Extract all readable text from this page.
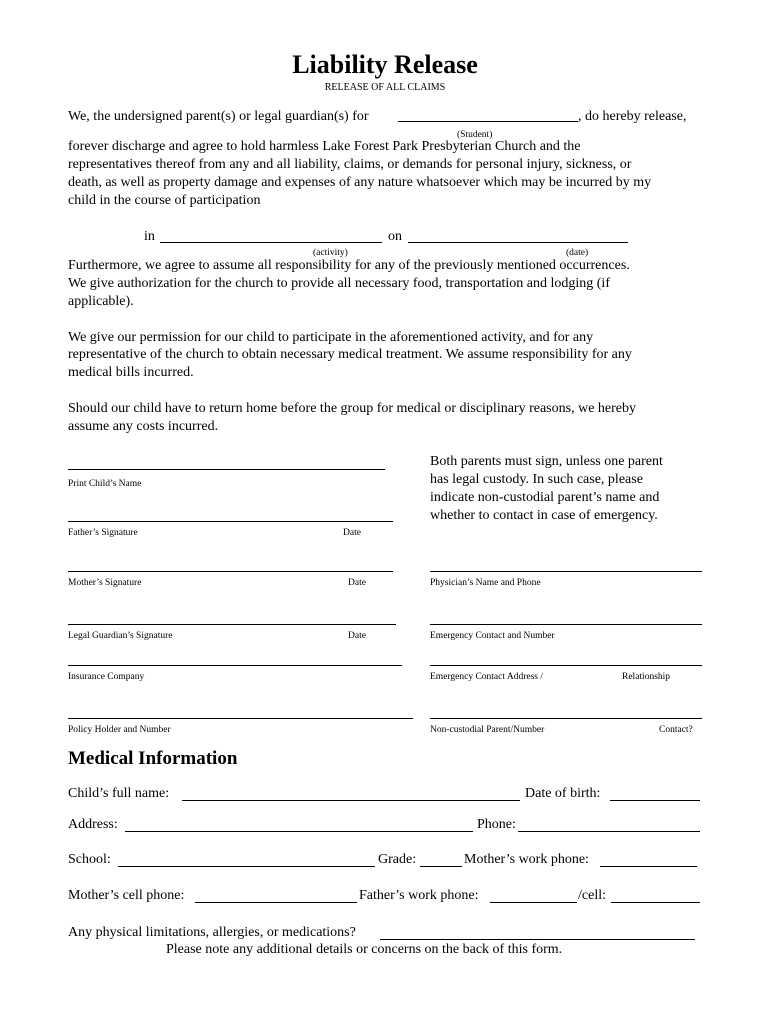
Liability Release
RELEASE OF ALL CLAIMS
We, the undersigned parent(s) or legal guardian(s) for	, do hereby release,
(Student)
forever discharge and agree to hold harmless Lake Forest Park Presbyterian Church and the
representatives thereof from any and all liability, claims, or demands for personal injury, sickness, or
death, as well as property damage and expenses of any nature whatsoever which may be incurred by my
child in the course of participation
in	on
(activity)	(date)
Furthermore, we agree to assume all responsibility for any of the previously mentioned occurrences.
We give authorization for the church to provide all necessary food, transportation and lodging (if
applicable).
We give our permission for our child to participate in the aforementioned activity, and for any
representative of the church to obtain necessary medical treatment. We assume responsibility for any
medical bills incurred.
Should our child have to return home before the group for medical or disciplinary reasons, we hereby
assume any costs incurred.
Both parents must sign, unless one parent
has legal custody. In such case, please
indicate non-custodial parent’s name and
whether to contact in case of emergency.
Print Child’s Name
Father’s Signature	Date
Mother’s Signature	Date	Physician’s Name and Phone
Legal Guardian’s Signature	Date	Emergency Contact and Number
Insurance Company	Emergency Contact Address /	Relationship
Policy Holder and Number	Non-custodial Parent/Number	Contact?
Medical Information
Child’s full name:	Date of birth:
Address:	Phone:
School:	Grade:	Mother’s work phone:
Mother’s cell phone:	Father’s work phone:	/cell:
Any physical limitations, allergies, or medications?
Please note any additional details or concerns on the back of this form.
